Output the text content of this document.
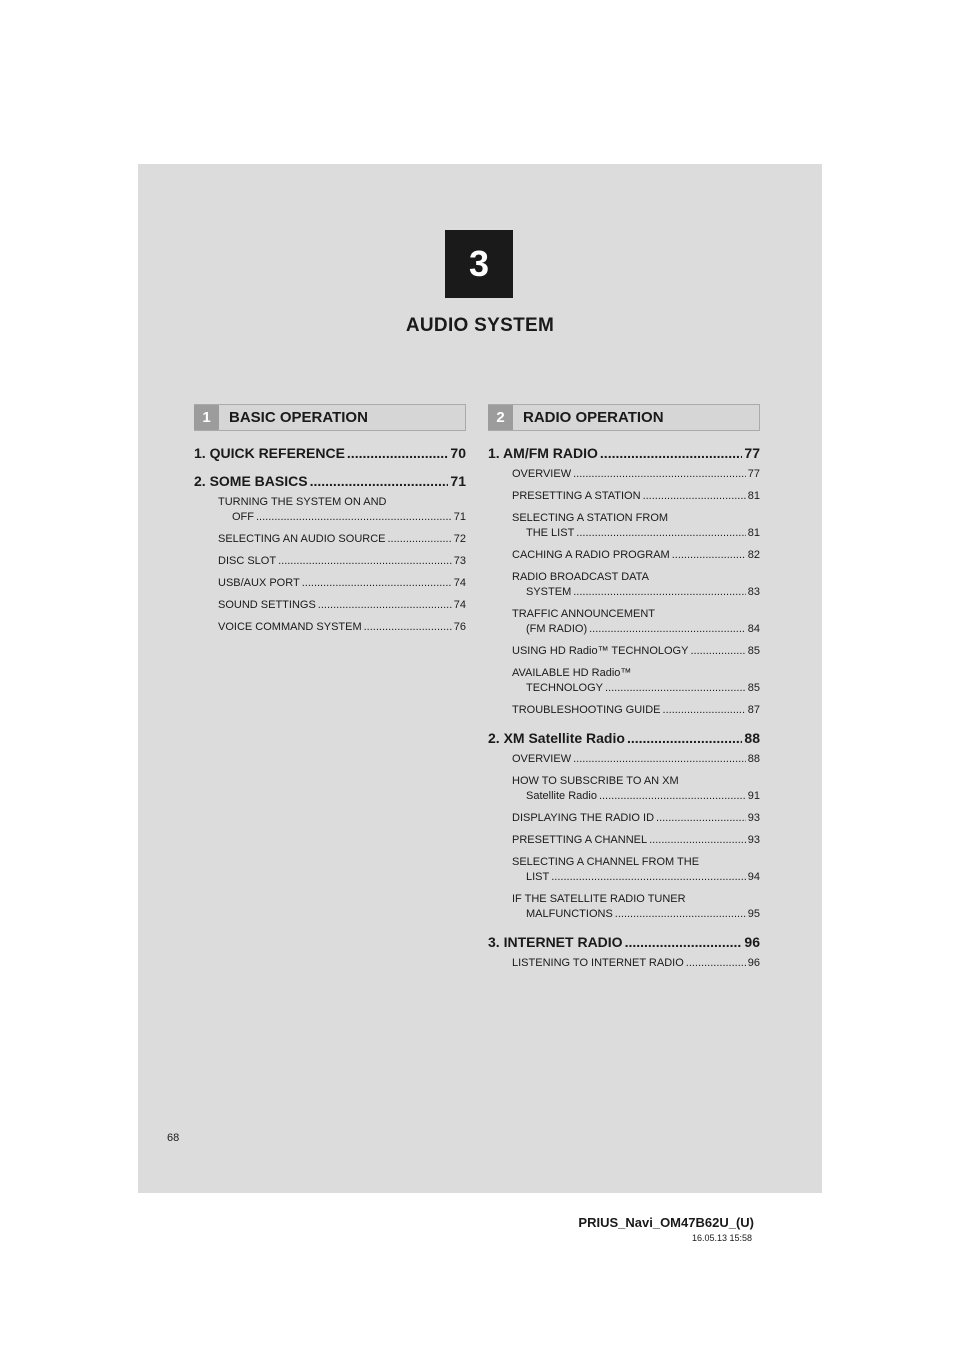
3
AUDIO SYSTEM
1	BASIC OPERATION
1. QUICK REFERENCE .....	70
2. SOME BASICS .....	71
TURNING THE SYSTEM ON AND
OFF .....	71
SELECTING AN AUDIO SOURCE .....	72
DISC SLOT .....	73
USB/AUX PORT .....	74
SOUND SETTINGS .....	74
VOICE COMMAND SYSTEM .....	76
2	RADIO OPERATION
1. AM/FM RADIO .....	77
OVERVIEW .....	77
PRESETTING A STATION .....	81
SELECTING A STATION FROM
THE LIST .....	81
CACHING A RADIO PROGRAM .....	82
RADIO BROADCAST DATA
SYSTEM .....	83
TRAFFIC ANNOUNCEMENT
(FM RADIO) .....	84
USING HD Radio™ TECHNOLOGY .....	85
AVAILABLE HD Radio™
TECHNOLOGY .....	85
TROUBLESHOOTING GUIDE .....	87
2. XM Satellite Radio .....	88
OVERVIEW .....	88
HOW TO SUBSCRIBE TO AN XM
Satellite Radio .....	91
DISPLAYING THE RADIO ID .....	93
PRESETTING A CHANNEL .....	93
SELECTING A CHANNEL FROM THE
LIST .....	94
IF THE SATELLITE RADIO TUNER
MALFUNCTIONS .....	95
3. INTERNET RADIO .....	96
LISTENING TO INTERNET RADIO .....	96
68
PRIUS_Navi_OM47B62U_(U)
16.05.13 15:58
